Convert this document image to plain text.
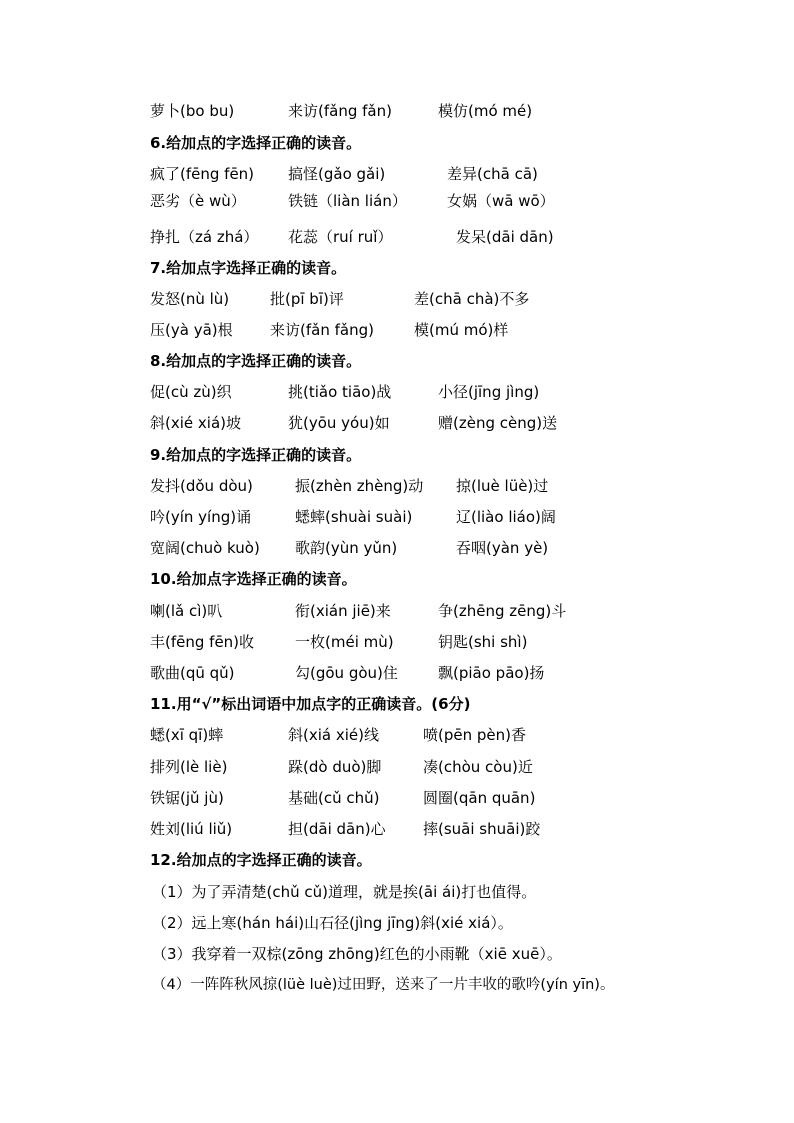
萝卜(bo bu)	来访(fǎng fǎn)	模仿(mó mé)
6.给加点的字选择正确的读音。
疯了(fēng fēn) 搞怪(gǎo gǎi)	差异(chā cā)
恶劣（è wù）	铁链（liàn lián）	女娲（wā wō）
挣扎（zá zhá） 花蕊（ruí ruǐ）	发呆(dāi dān)
7.给加点字选择正确的读音。
发怒(nù lù)	批(pī bī)评	差(chā chà)不多
压(yà yā)根 来访(fǎn fǎng)	模(mú mó)样
8.给加点的字选择正确的读音。
促(cù zù)织	挑(tiǎo tiāo)战	小径(jīng jìng)
斜(xié xiá)坡	犹(yōu yóu)如	赠(zèng cèng)送
9.给加点的字选择正确的读音。
发抖(dǒu dòu)	振(zhèn zhèng)动 掠(luè lüè)过
吟(yín yíng)诵	蟋蟀(shuài suài)	辽(liào liáo)阔
宽阔(chuò kuò) 歌韵(yùn yǔn)	吞咽(yàn yè)
10.给加点字选择正确的读音。
喇(lǎ cì)叭	衔(xián jiē)来	争(zhēng zēng)斗
丰(fēng fēn)收	一枚(méi mù)	钥匙(shi shì)
歌曲(qū qǔ)	勾(gōu gòu)住	飘(piāo pāo)扬
11.用“√”标出词语中加点字的正确读音。(6分)
蟋(xī qī)蟀	斜(xiá xié)线	喷(pēn pèn)香
排列(lè liè)	跺(dò duò)脚	凑(chòu còu)近
铁锯(jǔ jù)	基础(cǔ chǔ)	圆圈(qān quān)
姓刘(liú liǔ)	担(dāi dān)心 摔(suāi shuāi)跤
12.给加点的字选择正确的读音。
（1）为了弄清楚(chǔ cǔ)道理，就是挨(āi ái)打也值得。
（2）远上寒(hán hái)山石径(jìng jīng)斜(xié xiá）。
（3）我穿着一双棕(zōng zhōng)红色的小雨靴（xiē xuē）。
（4）一阵阵秋风掠(lüè luè)过田野，送来了一片丰收的歌吟(yín yīn)。
